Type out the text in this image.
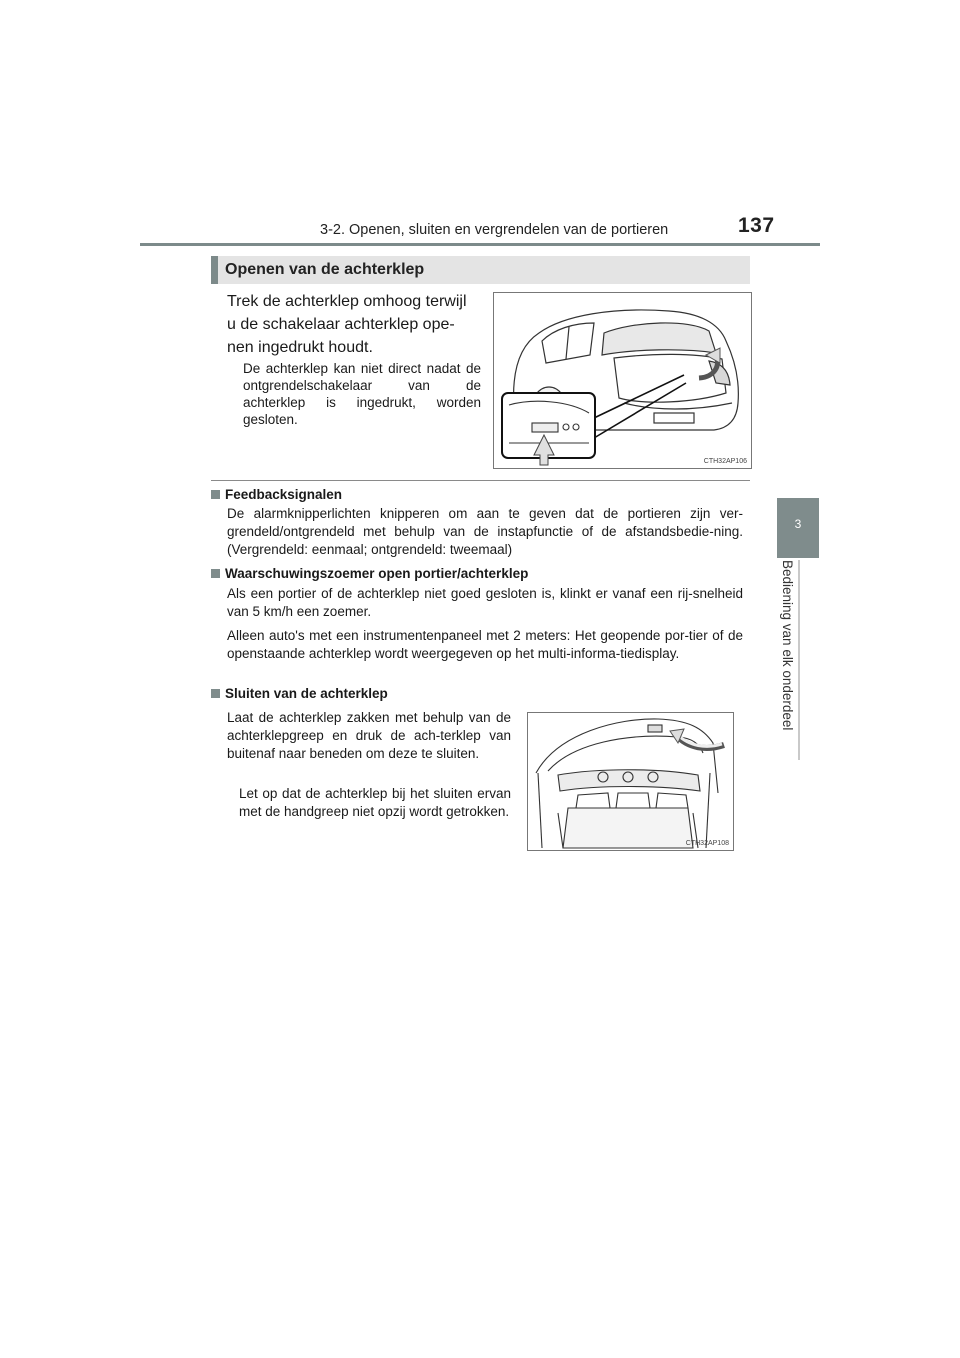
3-2. Openen, sluiten en vergrendelen van de portieren	137
3
Bediening van elk onderdeel
Openen van de achterklep
Trek de achterklep omhoog terwijl
u de schakelaar achterklep ope-
nen ingedrukt houdt.
De achterklep kan niet direct nadat de ontgrendelschakelaar van de achterklep is ingedrukt, worden gesloten.
CTH32AP106
Feedbacksignalen
De alarmknipperlichten knipperen om aan te geven dat de portieren zijn ver-grendeld/ontgrendeld met behulp van de instapfunctie of de afstandsbedie-ning. (Vergrendeld: eenmaal; ontgrendeld: tweemaal)
Waarschuwingszoemer open portier/achterklep
Als een portier of de achterklep niet goed gesloten is, klinkt er vanaf een rij-snelheid van 5 km/h een zoemer.
Alleen auto's met een instrumentenpaneel met 2 meters: Het geopende por-tier of de openstaande achterklep wordt weergegeven op het multi-informa-tiedisplay.
Sluiten van de achterklep
Laat de achterklep zakken met behulp van de achterklepgreep en druk de ach-terklep van buitenaf naar beneden om deze te sluiten.
Let op dat de achterklep bij het sluiten ervan met de handgreep niet opzij wordt getrokken.
CTH32AP108
